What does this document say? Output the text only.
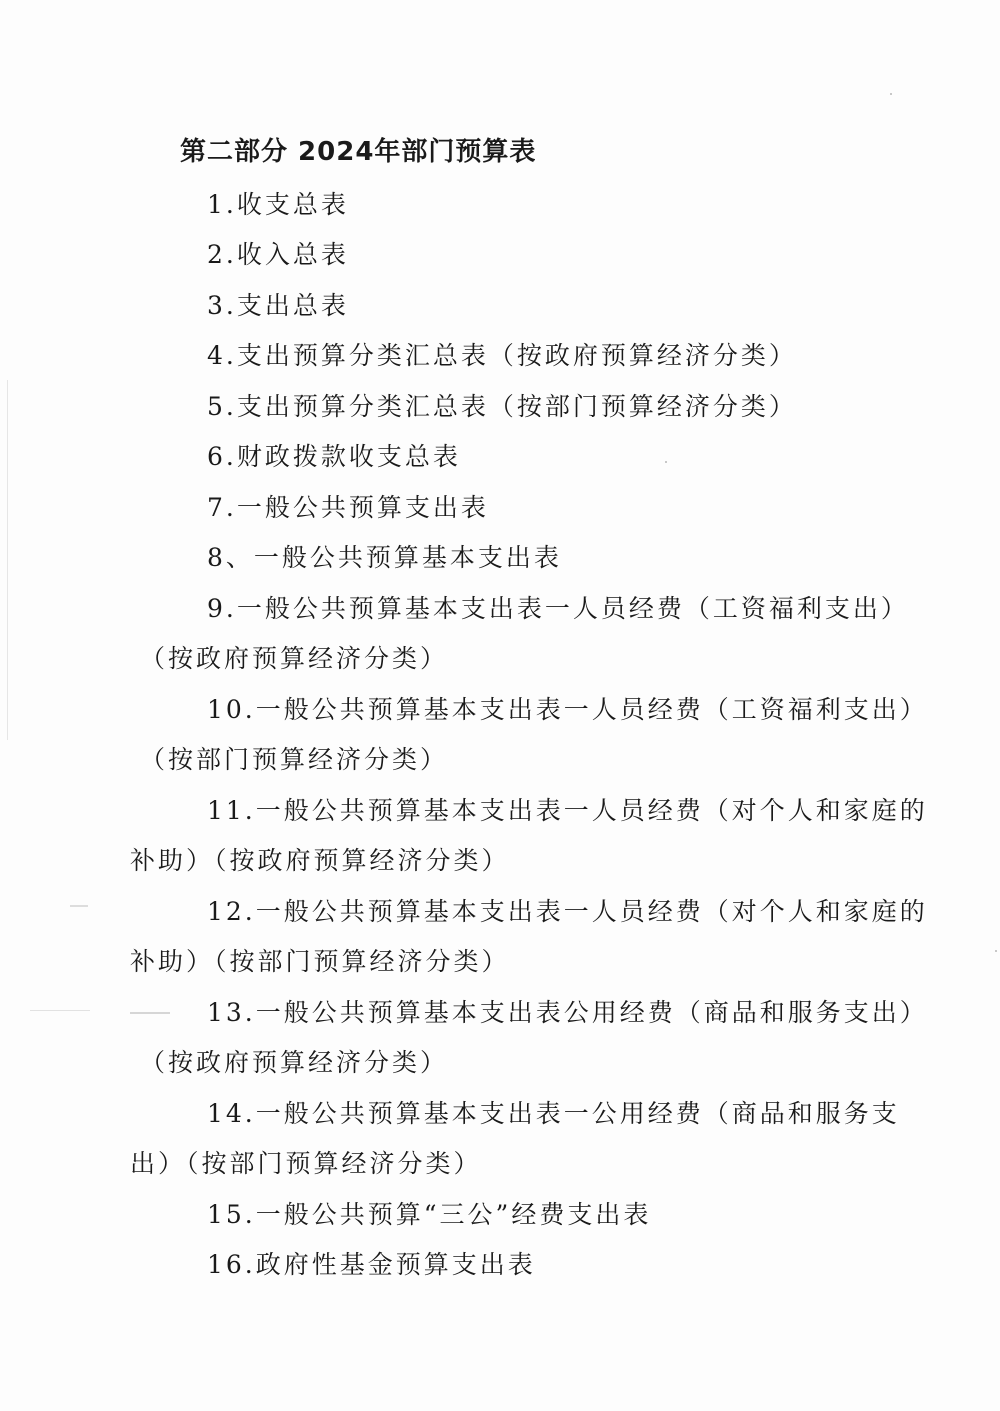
第二部分 2024年部门预算表
1.收支总表
2.收入总表
3.支出总表
4.支出预算分类汇总表（按政府预算经济分类）
5.支出预算分类汇总表（按部门预算经济分类）
6.财政拨款收支总表
7.一般公共预算支出表
8、一般公共预算基本支出表
9.一般公共预算基本支出表一人员经费（工资福利支出）
（按政府预算经济分类）
10.一般公共预算基本支出表一人员经费（工资福利支出）
（按部门预算经济分类）
11.一般公共预算基本支出表一人员经费（对个人和家庭的
补助）（按政府预算经济分类）
12.一般公共预算基本支出表一人员经费（对个人和家庭的
补助）（按部门预算经济分类）
13.一般公共预算基本支出表公用经费（商品和服务支出）
（按政府预算经济分类）
14.一般公共预算基本支出表一公用经费（商品和服务支
出）（按部门预算经济分类）
15.一般公共预算“三公”经费支出表
16.政府性基金预算支出表
